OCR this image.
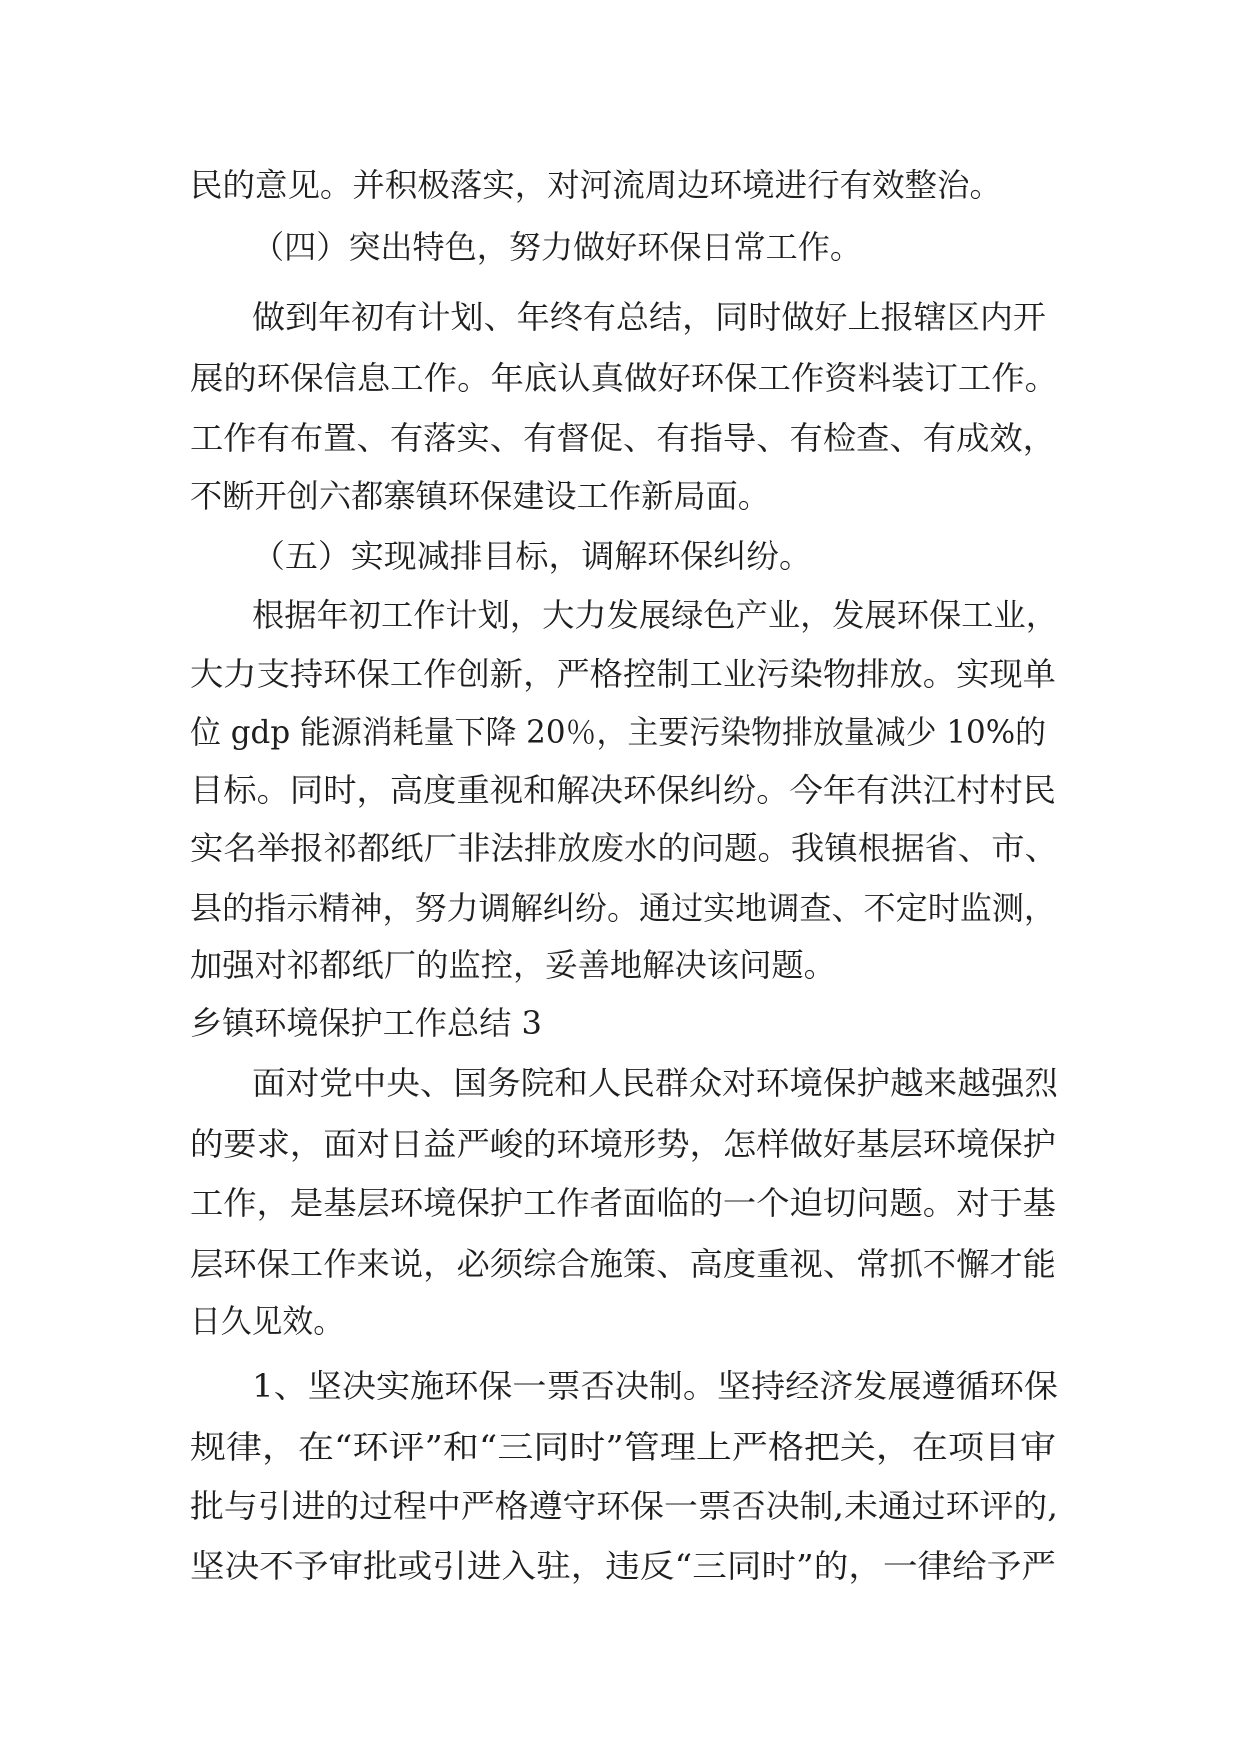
民的意见。并积极落实，对河流周边环境进行有效整治。
（四）突出特色，努力做好环保日常工作。
做到年初有计划、年终有总结，同时做好上报辖区内开
展的环保信息工作。年底认真做好环保工作资料装订工作。
工作有布置、有落实、有督促、有指导、有检查、有成效，
不断开创六都寨镇环保建设工作新局面。
（五）实现减排目标，调解环保纠纷。
根据年初工作计划，大力发展绿色产业，发展环保工业，
大力支持环保工作创新，严格控制工业污染物排放。实现单
位 gdp 能源消耗量下降 20％，主要污染物排放量减少 10%的
目标。同时，高度重视和解决环保纠纷。今年有洪江村村民
实名举报祁都纸厂非法排放废水的问题。我镇根据省、市、
县的指示精神，努力调解纠纷。通过实地调查、不定时监测，
加强对祁都纸厂的监控，妥善地解决该问题。
乡镇环境保护工作总结 3
面对党中央、国务院和人民群众对环境保护越来越强烈
的要求，面对日益严峻的环境形势，怎样做好基层环境保护
工作，是基层环境保护工作者面临的一个迫切问题。对于基
层环保工作来说，必须综合施策、高度重视、常抓不懈才能
日久见效。
1、坚决实施环保一票否决制。坚持经济发展遵循环保
规律，在“环评”和“三同时”管理上严格把关，在项目审
批与引进的过程中严格遵守环保一票否决制,未通过环评的,
坚决不予审批或引进入驻，违反“三同时”的，一律给予严
